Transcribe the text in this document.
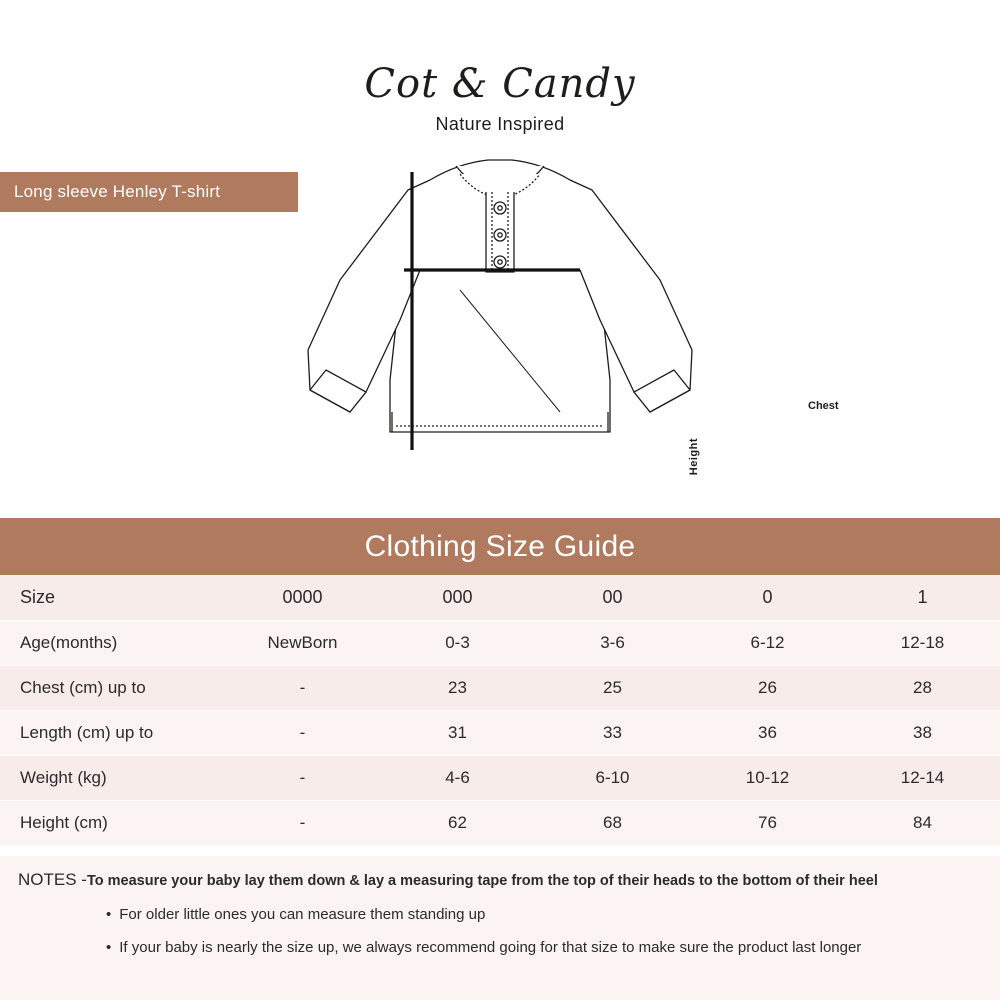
Cot & Candy
Nature Inspired
Long sleeve Henley T-shirt
Chest
Height
Clothing Size Guide
Size	0000	000	00	0	1
Age(months)	NewBorn	0-3	3-6	6-12	12-18
Chest (cm) up to	-	23	25	26	28
Length (cm) up to	-	31	33	36	38
Weight (kg)	-	4-6	6-10	10-12	12-14
Height (cm)	-	62	68	76	84
NOTES -To measure your baby lay them down & lay a measuring tape from the top of their heads to the bottom of their heel
• For older little ones you can measure them standing up
• If your baby is nearly the size up, we always recommend going for that size to make sure the product last longer
